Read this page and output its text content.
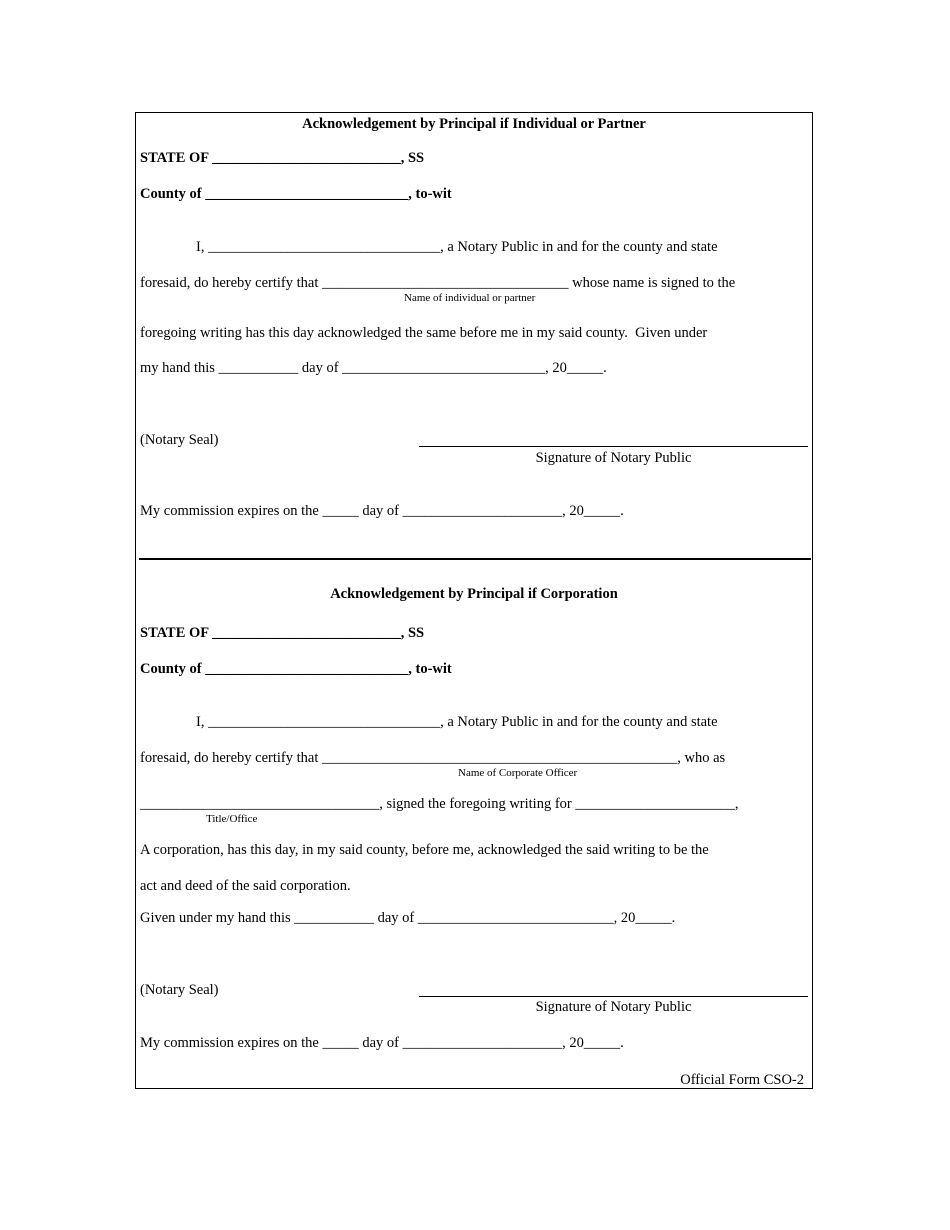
Acknowledgement by Principal if Individual or Partner
STATE OF __________________________, SS
County of ____________________________, to-wit
I, ________________________________, a Notary Public in and for the county and state
foresaid, do hereby certify that __________________________________ whose name is signed to the
Name of individual or partner
foregoing writing has this day acknowledged the same before me in my said county.  Given under
my hand this ___________ day of ____________________________, 20_____.
(Notary Seal)
Signature of Notary Public
My commission expires on the _____ day of ______________________, 20_____.
Acknowledgement by Principal if Corporation
STATE OF __________________________, SS
County of ____________________________, to-wit
I, ________________________________, a Notary Public in and for the county and state
foresaid, do hereby certify that _________________________________________________, who as
Name of Corporate Officer
_________________________________, signed the foregoing writing for ______________________,
Title/Office
A corporation, has this day, in my said county, before me, acknowledged the said writing to be the
act and deed of the said corporation.
Given under my hand this ___________ day of ___________________________, 20_____.
(Notary Seal)
Signature of Notary Public
My commission expires on the _____ day of ______________________, 20_____.
Official Form CSO-2
